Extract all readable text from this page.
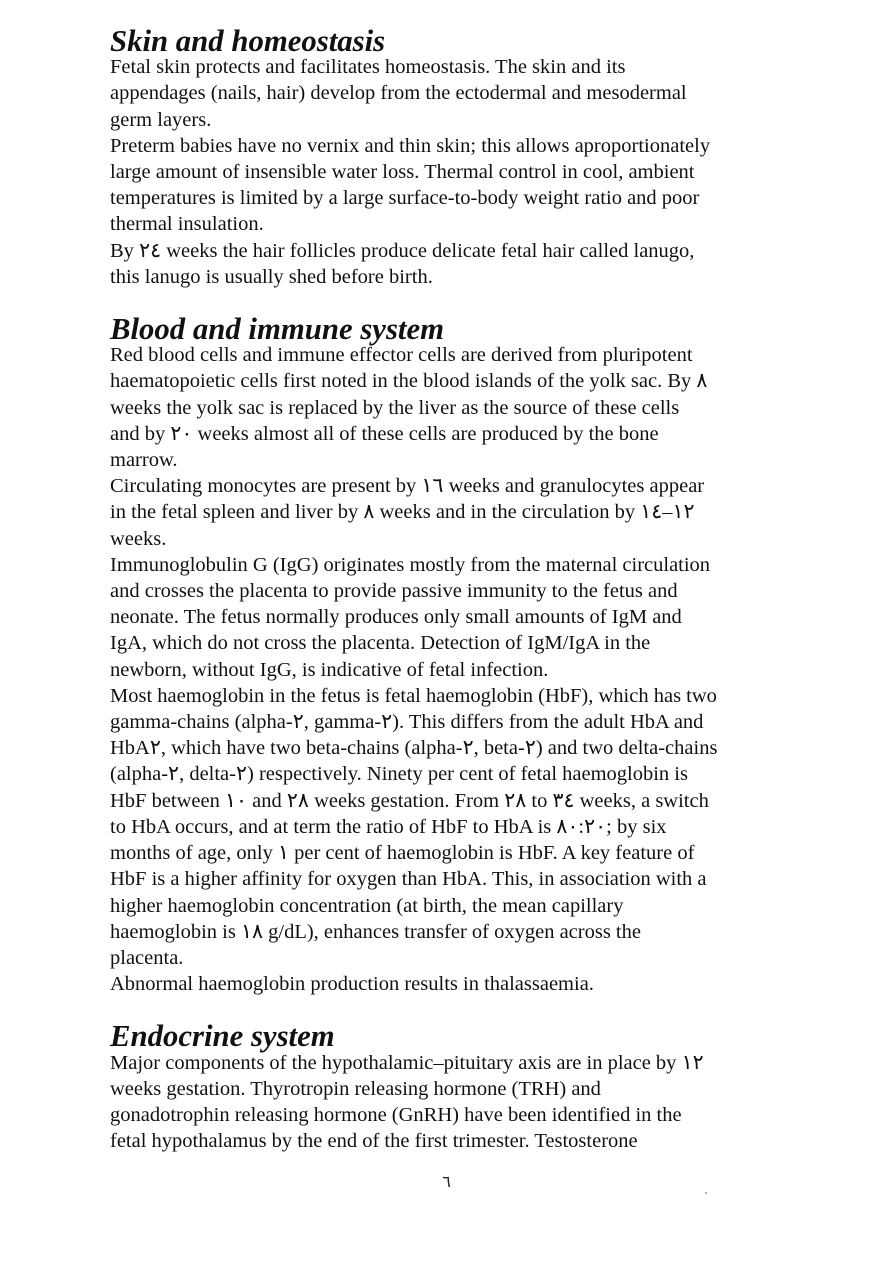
Skin and homeostasis

Fetal skin protects and facilitates homeostasis. The skin and its
appendages (nails, hair) develop from the ectodermal and mesodermal
germ layers.

Preterm babies have no vernix and thin skin; this allows aproportionately
large amount of insensible water loss. Thermal control in cool, ambient
temperatures is limited by a large surface-to-body weight ratio and poor
thermal insulation.

By ٢٤ weeks the hair follicles produce delicate fetal hair called lanugo,
this lanugo is usually shed before birth.

Blood and immune system

Red blood cells and immune effector cells are derived from pluripotent
haematopoietic cells first noted in the blood islands of the yolk sac. By ٨
weeks the yolk sac is replaced by the liver as the source of these cells
and by ٢٠ weeks almost all of these cells are produced by the bone
marrow.

Circulating monocytes are present by ١٦ weeks and granulocytes appear
in the fetal spleen and liver by ٨ weeks and in the circulation by ١٢–١٤
weeks.

Immunoglobulin G (IgG) originates mostly from the maternal circulation
and crosses the placenta to provide passive immunity to the fetus and
neonate. The fetus normally produces only small amounts of IgM and
IgA, which do not cross the placenta. Detection of IgM/IgA in the
newborn, without IgG, is indicative of fetal infection.

Most haemoglobin in the fetus is fetal haemoglobin (HbF), which has two
gamma-chains (alpha-٢, gamma-٢). This differs from the adult HbA and
HbA٢, which have two beta-chains (alpha-٢, beta-٢) and two delta-chains
(alpha-٢, delta-٢) respectively. Ninety per cent of fetal haemoglobin is
HbF between ١٠ and ٢٨ weeks gestation. From ٢٨ to ٣٤ weeks, a switch
to HbA occurs, and at term the ratio of HbF to HbA is ٨٠:٢٠; by six
months of age, only ١ per cent of haemoglobin is HbF. A key feature of
HbF is a higher affinity for oxygen than HbA. This, in association with a
higher haemoglobin concentration (at birth, the mean capillary
haemoglobin is ١٨ g/dL), enhances transfer of oxygen across the
placenta.

Abnormal haemoglobin production results in thalassaemia.

Endocrine system

Major components of the hypothalamic–pituitary axis are in place by ١٢
weeks gestation. Thyrotropin releasing hormone (TRH) and
gonadotrophin releasing hormone (GnRH) have been identified in the
fetal hypothalamus by the end of the first trimester. Testosterone

٦
